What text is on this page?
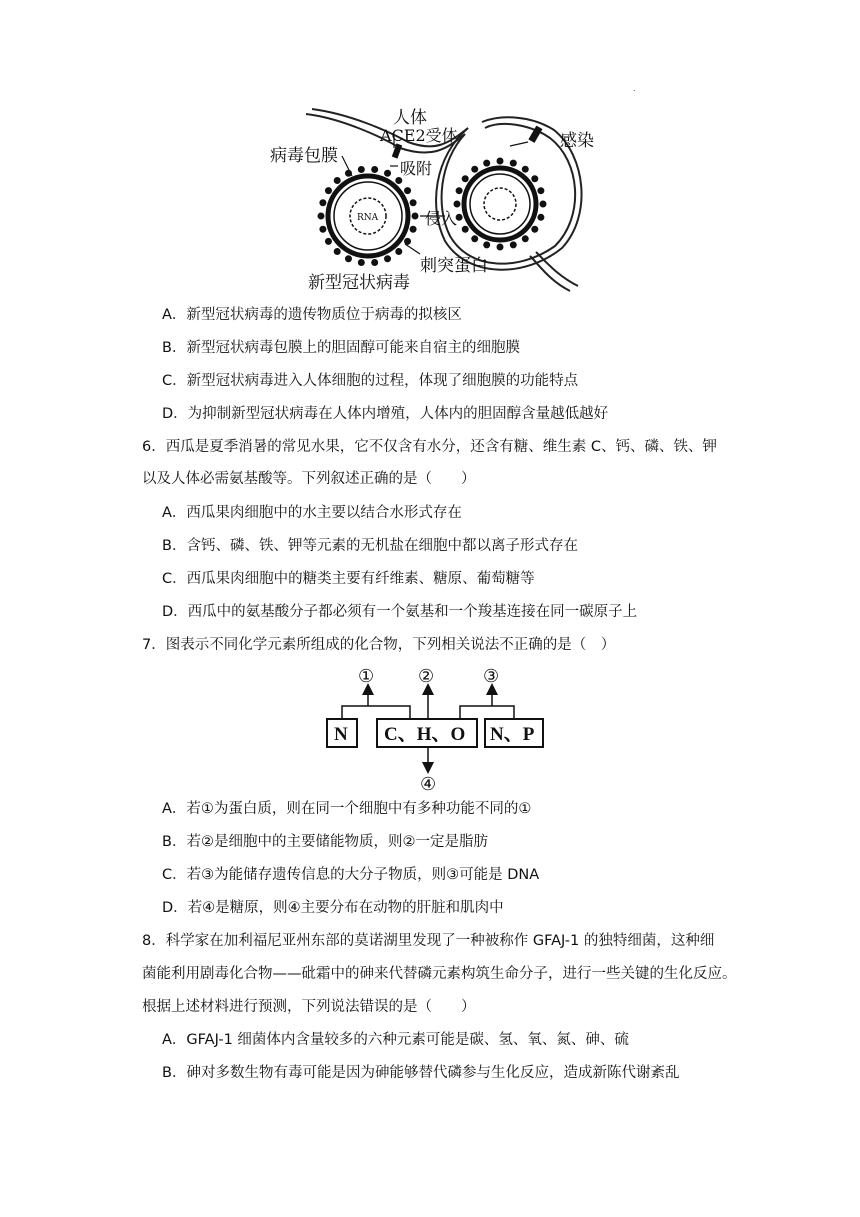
.
RNA
人体
ACE2受体
病毒包膜
吸附
感染
侵入
刺突蛋白
新型冠状病毒
A．新型冠状病毒的遗传物质位于病毒的拟核区
B．新型冠状病毒包膜上的胆固醇可能来自宿主的细胞膜
C．新型冠状病毒进入人体细胞的过程，体现了细胞膜的功能特点
D．为抑制新型冠状病毒在人体内增殖，人体内的胆固醇含量越低越好
6．西瓜是夏季消暑的常见水果，它不仅含有水分，还含有糖、维生素 C、钙、磷、铁、钾
以及人体必需氨基酸等。下列叙述正确的是（　　）
A．西瓜果肉细胞中的水主要以结合水形式存在
B．含钙、磷、铁、钾等元素的无机盐在细胞中都以离子形式存在
C．西瓜果肉细胞中的糖类主要有纤维素、糖原、葡萄糖等
D．西瓜中的氨基酸分子都必须有一个氨基和一个羧基连接在同一碳原子上
7．图表示不同化学元素所组成的化合物，下列相关说法不正确的是（　）
① ②	③
④
N C、H、O N、P
A．若①为蛋白质，则在同一个细胞中有多种功能不同的①
B．若②是细胞中的主要储能物质，则②一定是脂肪
C．若③为能储存遗传信息的大分子物质，则③可能是 DNA
D．若④是糖原，则④主要分布在动物的肝脏和肌肉中
8．科学家在加利福尼亚州东部的莫诺湖里发现了一种被称作 GFAJ-1 的独特细菌，这种细
菌能利用剧毒化合物——砒霜中的砷来代替磷元素构筑生命分子，进行一些关键的生化反应。
根据上述材料进行预测，下列说法错误的是（　　）
A．GFAJ-1 细菌体内含量较多的六种元素可能是碳、氢、氧、氮、砷、硫
B．砷对多数生物有毒可能是因为砷能够替代磷参与生化反应，造成新陈代谢紊乱
